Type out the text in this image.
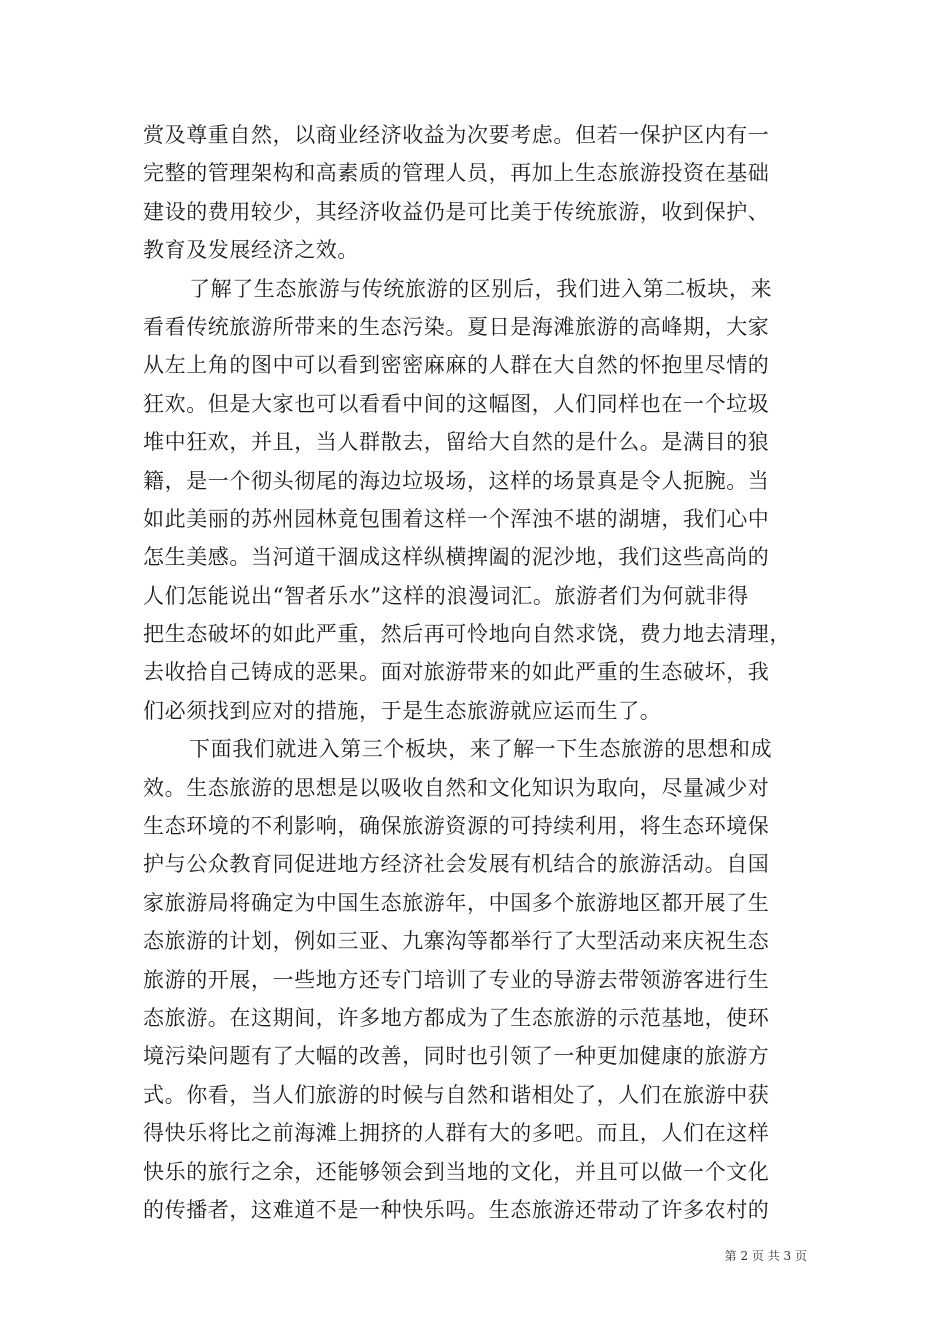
赏及尊重自然，以商业经济收益为次要考虑。但若一保护区内有一
完整的管理架构和高素质的管理人员，再加上生态旅游投资在基础
建设的费用较少，其经济收益仍是可比美于传统旅游，收到保护、
教育及发展经济之效。
了解了生态旅游与传统旅游的区别后，我们进入第二板块，来
看看传统旅游所带来的生态污染。夏日是海滩旅游的高峰期，大家
从左上角的图中可以看到密密麻麻的人群在大自然的怀抱里尽情的
狂欢。但是大家也可以看看中间的这幅图，人们同样也在一个垃圾
堆中狂欢，并且，当人群散去，留给大自然的是什么。是满目的狼
籍，是一个彻头彻尾的海边垃圾场，这样的场景真是令人扼腕。当
如此美丽的苏州园林竟包围着这样一个浑浊不堪的湖塘，我们心中
怎生美感。当河道干涸成这样纵横捭阖的泥沙地，我们这些高尚的
人们怎能说出“智者乐水”这样的浪漫词汇。旅游者们为何就非得
把生态破坏的如此严重，然后再可怜地向自然求饶，费力地去清理，
去收拾自己铸成的恶果。面对旅游带来的如此严重的生态破坏，我
们必须找到应对的措施，于是生态旅游就应运而生了。
下面我们就进入第三个板块，来了解一下生态旅游的思想和成
效。生态旅游的思想是以吸收自然和文化知识为取向，尽量减少对
生态环境的不利影响，确保旅游资源的可持续利用，将生态环境保
护与公众教育同促进地方经济社会发展有机结合的旅游活动。自国
家旅游局将确定为中国生态旅游年，中国多个旅游地区都开展了生
态旅游的计划，例如三亚、九寨沟等都举行了大型活动来庆祝生态
旅游的开展，一些地方还专门培训了专业的导游去带领游客进行生
态旅游。在这期间，许多地方都成为了生态旅游的示范基地，使环
境污染问题有了大幅的改善，同时也引领了一种更加健康的旅游方
式。你看，当人们旅游的时候与自然和谐相处了，人们在旅游中获
得快乐将比之前海滩上拥挤的人群有大的多吧。而且，人们在这样
快乐的旅行之余，还能够领会到当地的文化，并且可以做一个文化
的传播者，这难道不是一种快乐吗。生态旅游还带动了许多农村的
第 2 页 共 3 页
